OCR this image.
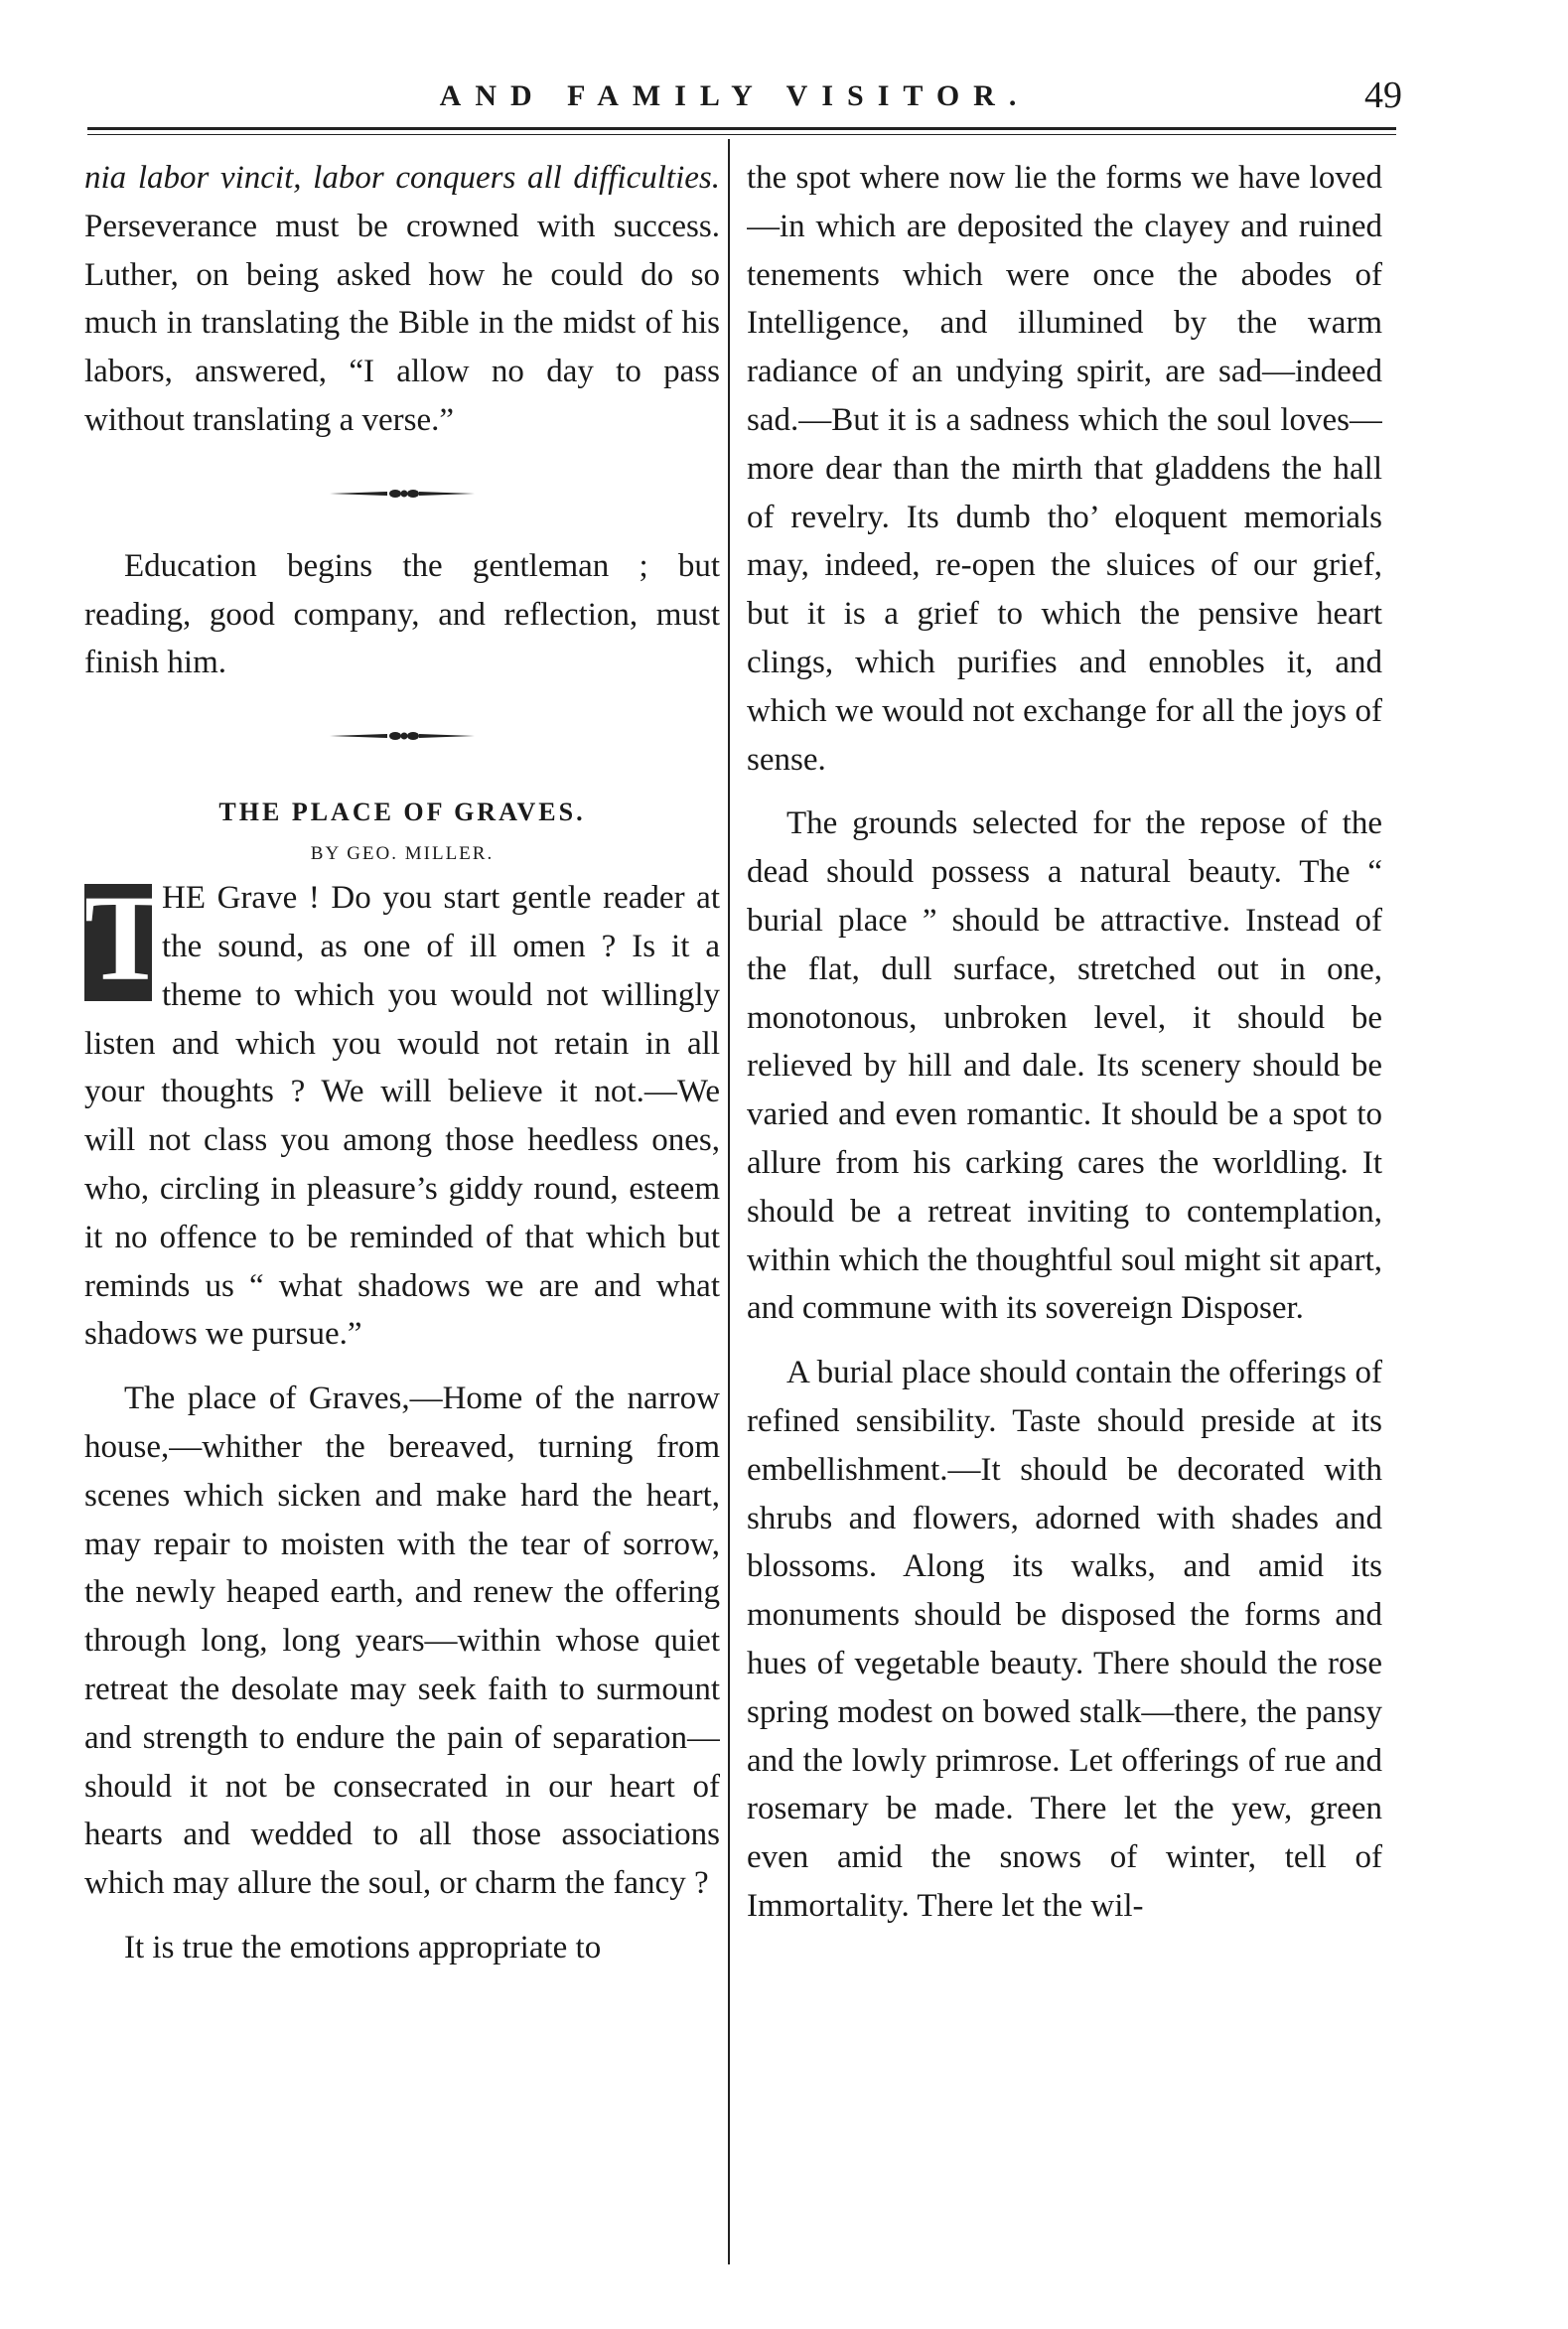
AND FAMILY VISITOR.	49

nia labor vincit, labor conquers all difficulties. Perseverance must be crowned with success. Luther, on being asked how he could do so much in translating the Bible in the midst of his labors, answered, “I allow no day to pass without translating a verse.”

Education begins the gentleman ; but reading, good company, and reflection, must finish him.

THE PLACE OF GRAVES.
BY GEO. MILLER.

T
HE Grave ! Do you start gentle reader at the sound, as one of ill omen ? Is it a theme to which you would not willingly listen and which you would not retain in all your thoughts ? We will believe it not.—We will not class you among those heedless ones, who, circling in pleasure’s giddy round, esteem it no offence to be reminded of that which but reminds us “ what shadows we are and what shadows we pursue.”

The place of Graves,—Home of the narrow house,—whither the bereaved, turning from scenes which sicken and make hard the heart, may repair to moisten with the tear of sorrow, the newly heaped earth, and renew the offering through long, long years—within whose quiet retreat the desolate may seek faith to surmount and strength to endure the pain of separation—should it not be consecrated in our heart of hearts and wedded to all those associations which may allure the soul, or charm the fancy ?

It is true the emotions appropriate to

the spot where now lie the forms we have loved—in which are deposited the clayey and ruined tenements which were once the abodes of Intelligence, and illumined by the warm radiance of an undying spirit, are sad—indeed sad.—But it is a sadness which the soul loves—more dear than the mirth that gladdens the hall of revelry. Its dumb tho’ eloquent memorials may, indeed, re-open the sluices of our grief, but it is a grief to which the pensive heart clings, which purifies and ennobles it, and which we would not exchange for all the joys of sense.

The grounds selected for the repose of the dead should possess a natural beauty. The “ burial place ” should be attractive. Instead of the flat, dull surface, stretched out in one, monotonous, unbroken level, it should be relieved by hill and dale. Its scenery should be varied and even romantic. It should be a spot to allure from his carking cares the worldling. It should be a retreat inviting to contemplation, within which the thoughtful soul might sit apart, and commune with its sovereign Disposer.

A burial place should contain the offerings of refined sensibility. Taste should preside at its embellishment.—It should be decorated with shrubs and flowers, adorned with shades and blossoms. Along its walks, and amid its monuments should be disposed the forms and hues of vegetable beauty. There should the rose spring modest on bowed stalk—there, the pansy and the lowly primrose. Let offerings of rue and rosemary be made. There let the yew, green even amid the snows of winter, tell of Immortality. There let the wil-
